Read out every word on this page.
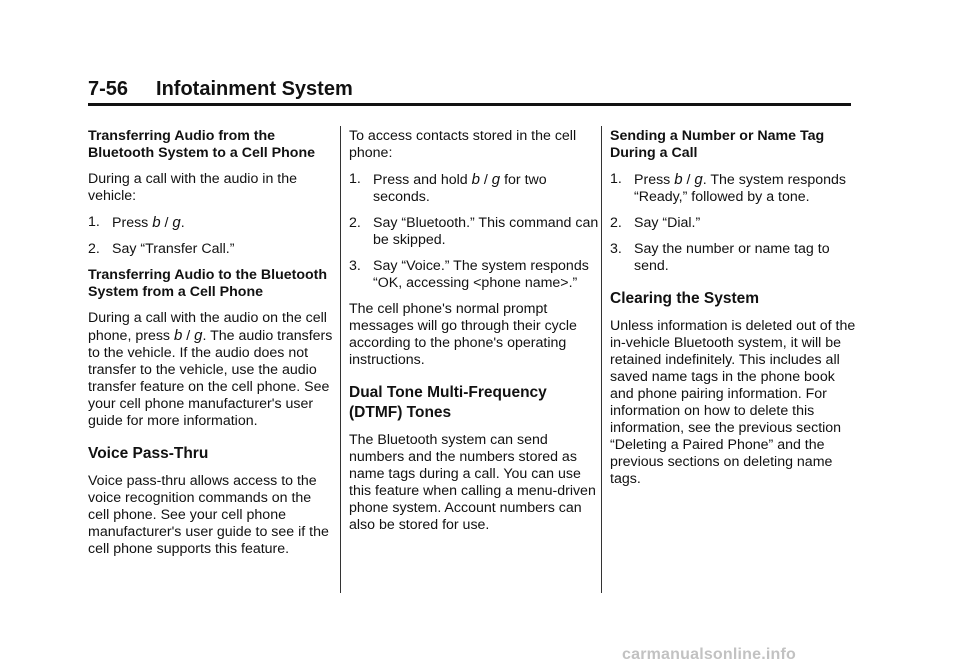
7-56 Infotainment System
Transferring Audio from the Bluetooth System to a Cell Phone

During a call with the audio in the vehicle:

1. Press b / g.
2. Say “Transfer Call.”
Transferring Audio to the Bluetooth System from a Cell Phone

During a call with the audio on the cell phone, press b / g. The audio transfers to the vehicle. If the audio does not transfer to the vehicle, use the audio transfer feature on the cell phone. See your cell phone manufacturer's user guide for more information.

Voice Pass-Thru

Voice pass-thru allows access to the voice recognition commands on the cell phone. See your cell phone manufacturer's user guide to see if the cell phone supports this feature.

To access contacts stored in the cell phone:

1. Press and hold b / g for two seconds.
2. Say “Bluetooth.” This command can be skipped.
3. Say “Voice.” The system responds “OK, accessing <phone name>.”

The cell phone's normal prompt messages will go through their cycle according to the phone's operating instructions.

Dual Tone Multi-Frequency (DTMF) Tones

The Bluetooth system can send numbers and the numbers stored as name tags during a call. You can use this feature when calling a menu-driven phone system. Account numbers can also be stored for use.

Sending a Number or Name Tag During a Call
1. Press b / g. The system responds “Ready,” followed by a tone.
2. Say “Dial.”
3. Say the number or name tag to send.
Clearing the System

Unless information is deleted out of the in-vehicle Bluetooth system, it will be retained indefinitely. This includes all saved name tags in the phone book and phone pairing information. For information on how to delete this information, see the previous section “Deleting a Paired Phone” and the previous sections on deleting name tags.

carmanualsonline.info
